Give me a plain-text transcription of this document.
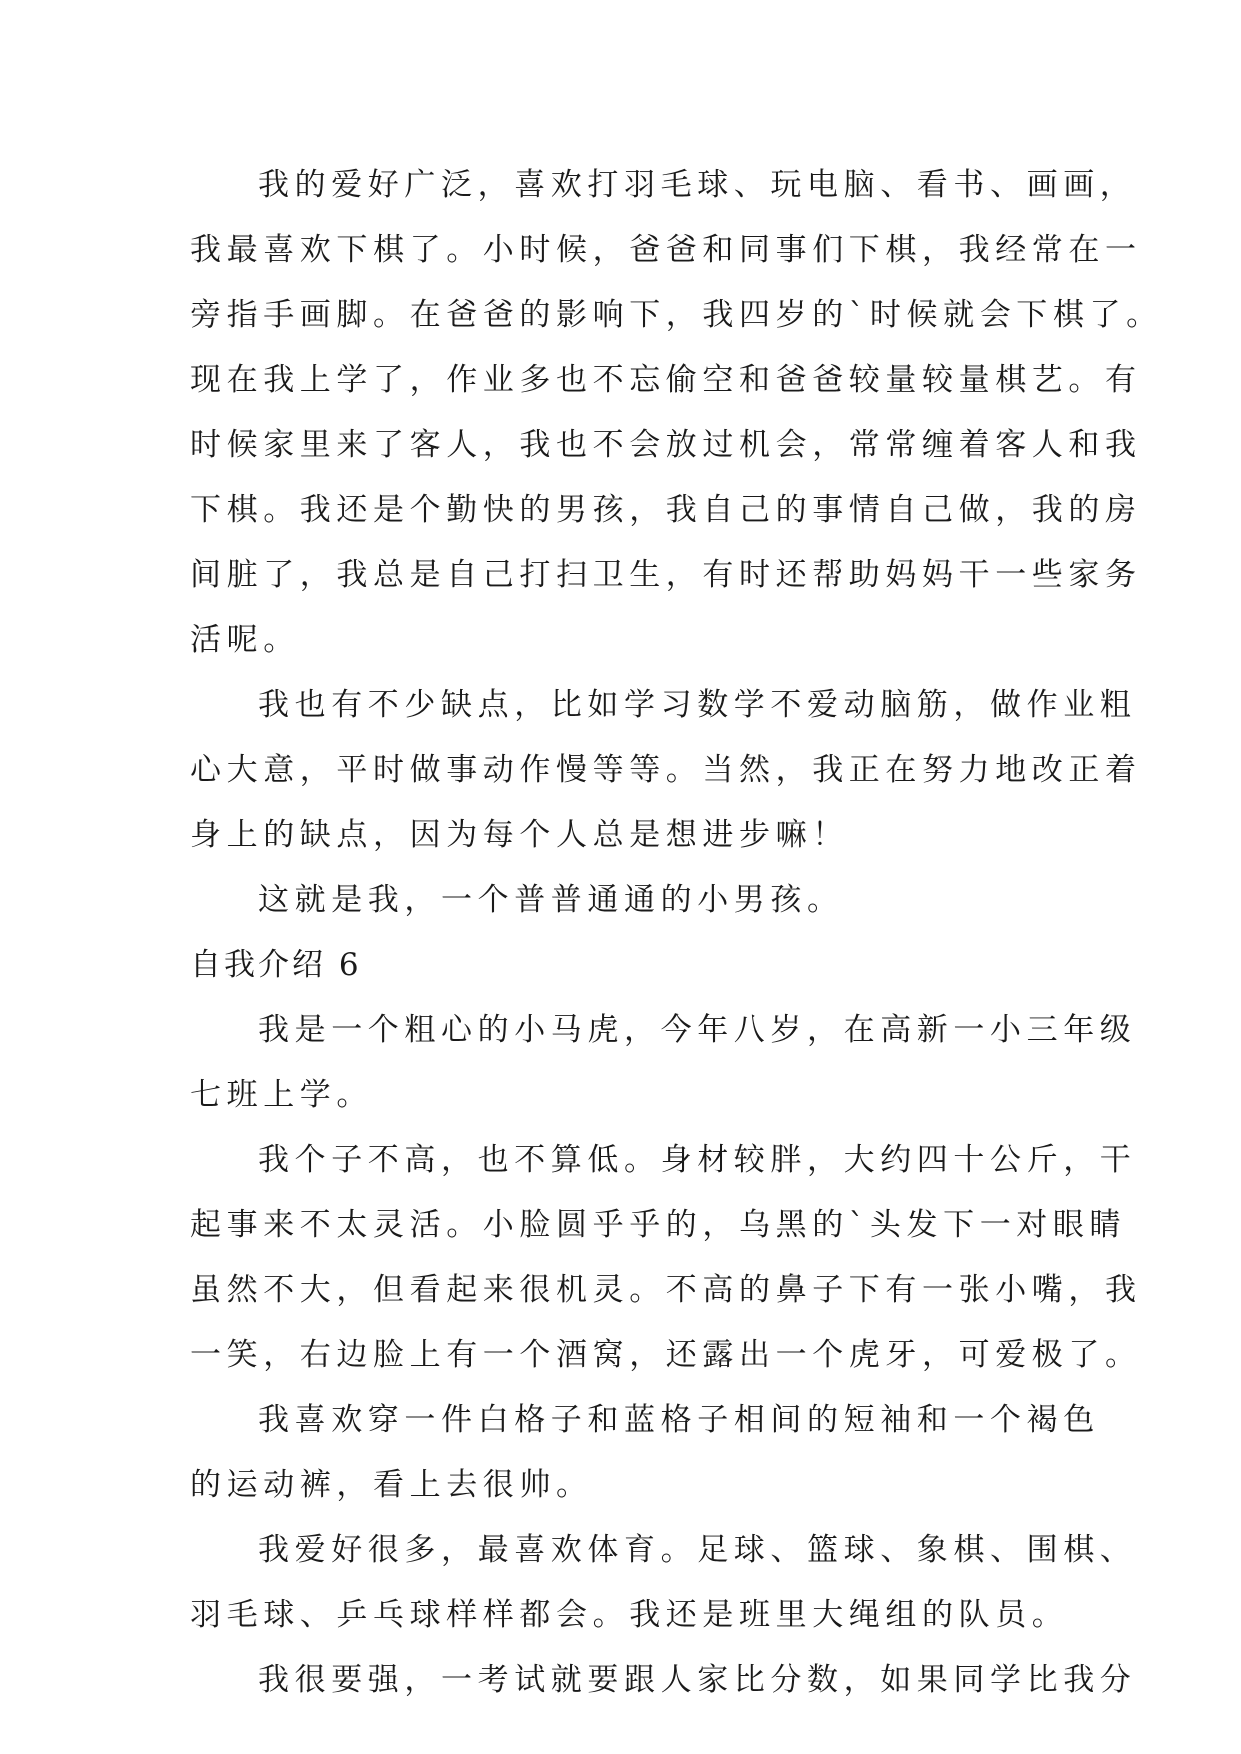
我的爱好广泛，喜欢打羽毛球、玩电脑、看书、画画，

我最喜欢下棋了。小时候，爸爸和同事们下棋，我经常在一

旁指手画脚。在爸爸的影响下，我四岁的`时候就会下棋了。

现在我上学了，作业多也不忘偷空和爸爸较量较量棋艺。有

时候家里来了客人，我也不会放过机会，常常缠着客人和我

下棋。我还是个勤快的男孩，我自己的事情自己做，我的房

间脏了，我总是自己打扫卫生，有时还帮助妈妈干一些家务

活呢。

我也有不少缺点，比如学习数学不爱动脑筋，做作业粗

心大意，平时做事动作慢等等。当然，我正在努力地改正着

身上的缺点，因为每个人总是想进步嘛！

这就是我，一个普普通通的小男孩。

自我介绍 6

我是一个粗心的小马虎，今年八岁，在高新一小三年级

七班上学。

我个子不高，也不算低。身材较胖，大约四十公斤，干

起事来不太灵活。小脸圆乎乎的，乌黑的`头发下一对眼睛

虽然不大，但看起来很机灵。不高的鼻子下有一张小嘴，我

一笑，右边脸上有一个酒窝，还露出一个虎牙，可爱极了。

我喜欢穿一件白格子和蓝格子相间的短袖和一个褐色

的运动裤，看上去很帅。

我爱好很多，最喜欢体育。足球、篮球、象棋、围棋、

羽毛球、乒乓球样样都会。我还是班里大绳组的队员。

我很要强，一考试就要跟人家比分数，如果同学比我分
